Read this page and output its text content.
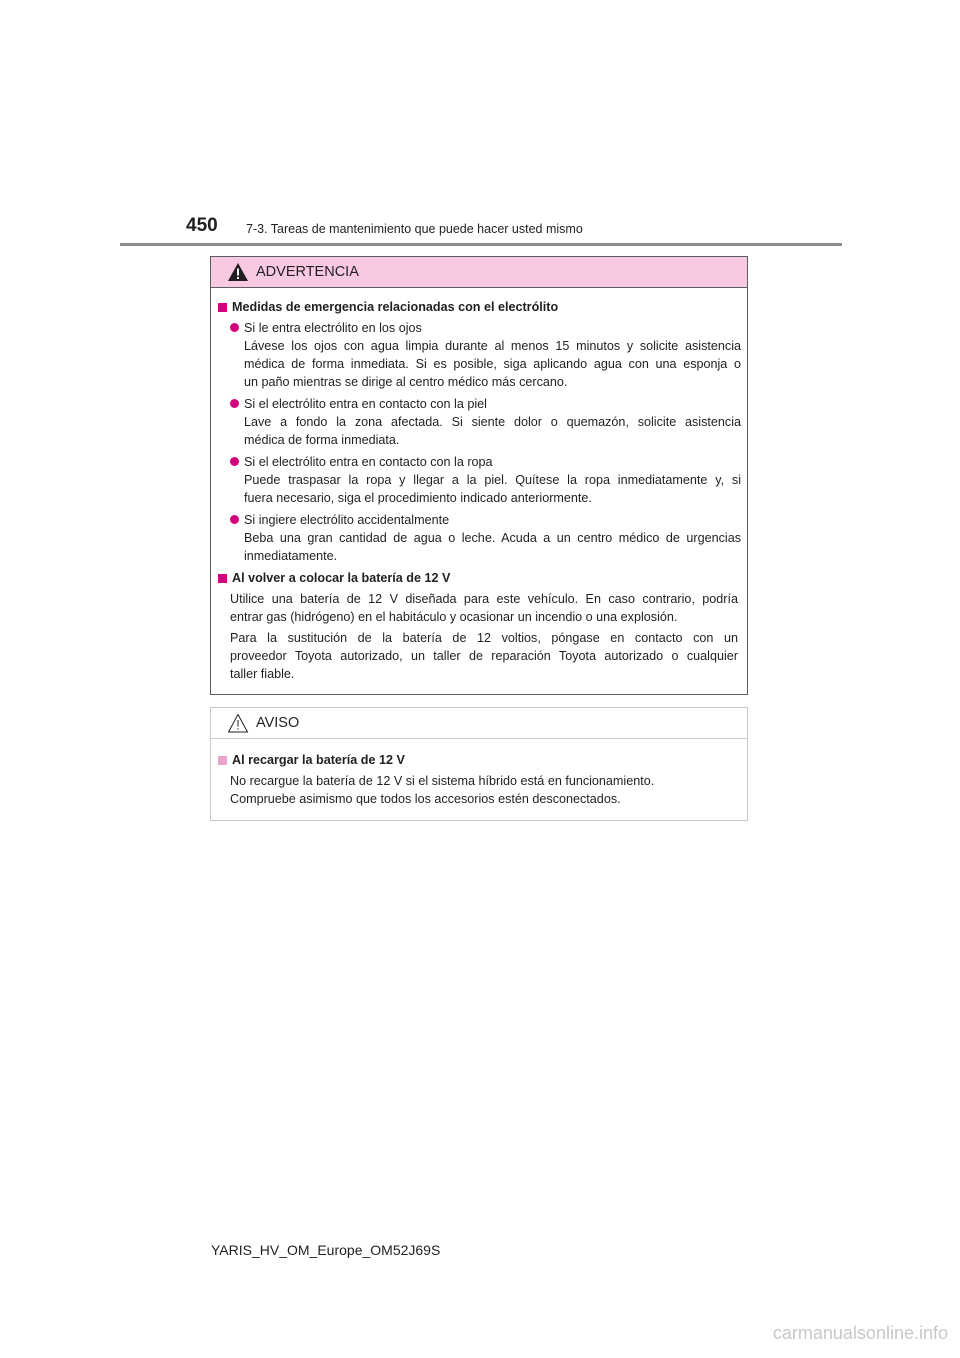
450 7-3. Tareas de mantenimiento que puede hacer usted mismo
ADVERTENCIA
Medidas de emergencia relacionadas con el electrólito
Si le entra electrólito en los ojos
Lávese los ojos con agua limpia durante al menos 15 minutos y solicite asistencia
médica de forma inmediata. Si es posible, siga aplicando agua con una esponja o
un paño mientras se dirige al centro médico más cercano.
Si el electrólito entra en contacto con la piel
Lave a fondo la zona afectada. Si siente dolor o quemazón, solicite asistencia
médica de forma inmediata.
Si el electrólito entra en contacto con la ropa
Puede traspasar la ropa y llegar a la piel. Quítese la ropa inmediatamente y, si
fuera necesario, siga el procedimiento indicado anteriormente.
Si ingiere electrólito accidentalmente
Beba una gran cantidad de agua o leche. Acuda a un centro médico de urgencias
inmediatamente.
Al volver a colocar la batería de 12 V
Utilice una batería de 12 V diseñada para este vehículo. En caso contrario, podría
entrar gas (hidrógeno) en el habitáculo y ocasionar un incendio o una explosión.
Para la sustitución de la batería de 12 voltios, póngase en contacto con un
proveedor Toyota autorizado, un taller de reparación Toyota autorizado o cualquier
taller fiable.
AVISO
Al recargar la batería de 12 V
No recargue la batería de 12 V si el sistema híbrido está en funcionamiento.
Compruebe asimismo que todos los accesorios estén desconectados.
YARIS_HV_OM_Europe_OM52J69S
carmanualsonline.info
